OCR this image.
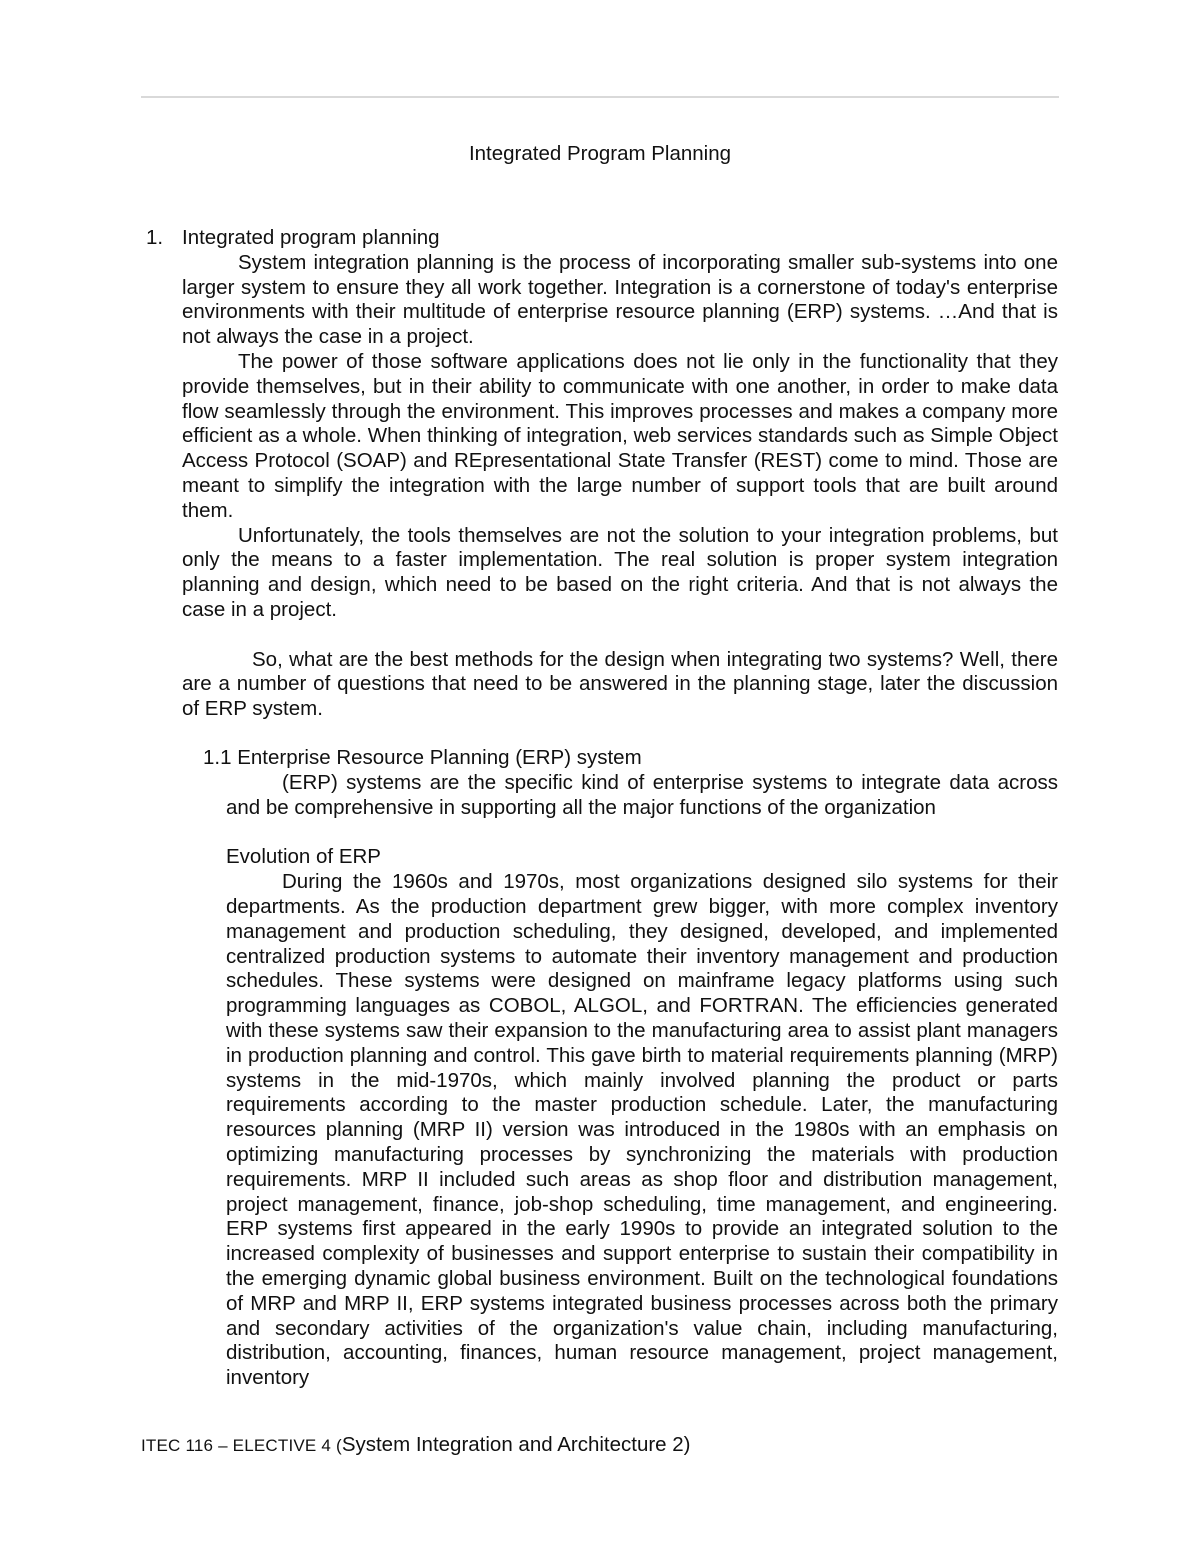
Integrated Program Planning
1. Integrated program planning

System integration planning is the process of incorporating smaller sub-systems into one larger system to ensure they all work together. Integration is a cornerstone of today's enterprise environments with their multitude of enterprise resource planning (ERP) systems. …And that is not always the case in a project.

The power of those software applications does not lie only in the functionality that they provide themselves, but in their ability to communicate with one another, in order to make data flow seamlessly through the environment. This improves processes and makes a company more efficient as a whole. When thinking of integration, web services standards such as Simple Object Access Protocol (SOAP) and REpresentational State Transfer (REST) come to mind. Those are meant to simplify the integration with the large number of support tools that are built around them.

Unfortunately, the tools themselves are not the solution to your integration problems, but only the means to a faster implementation. The real solution is proper system integration planning and design, which need to be based on the right criteria. And that is not always the case in a project.

So, what are the best methods for the design when integrating two systems? Well, there are a number of questions that need to be answered in the planning stage, later the discussion of ERP system.

1.1 Enterprise Resource Planning (ERP) system

(ERP) systems are the specific kind of enterprise systems to integrate data across and be comprehensive in supporting all the major functions of the organization

Evolution of ERP

During the 1960s and 1970s, most organizations designed silo systems for their departments. As the production department grew bigger, with more complex inventory management and production scheduling, they designed, developed, and implemented centralized production systems to automate their inventory management and production schedules. These systems were designed on mainframe legacy platforms using such programming languages as COBOL, ALGOL, and FORTRAN. The efficiencies generated with these systems saw their expansion to the manufacturing area to assist plant managers in production planning and control. This gave birth to material requirements planning (MRP) systems in the mid-1970s, which mainly involved planning the product or parts requirements according to the master production schedule. Later, the manufacturing resources planning (MRP II) version was introduced in the 1980s with an emphasis on optimizing manufacturing processes by synchronizing the materials with production requirements. MRP II included such areas as shop floor and distribution management, project management, finance, job-shop scheduling, time management, and engineering. ERP systems first appeared in the early 1990s to provide an integrated solution to the increased complexity of businesses and support enterprise to sustain their compatibility in the emerging dynamic global business environment. Built on the technological foundations of MRP and MRP II, ERP systems integrated business processes across both the primary and secondary activities of the organization's value chain, including manufacturing, distribution, accounting, finances, human resource management, project management, inventory

ITEC 116 – ELECTIVE 4 (System Integration and Architecture 2)
